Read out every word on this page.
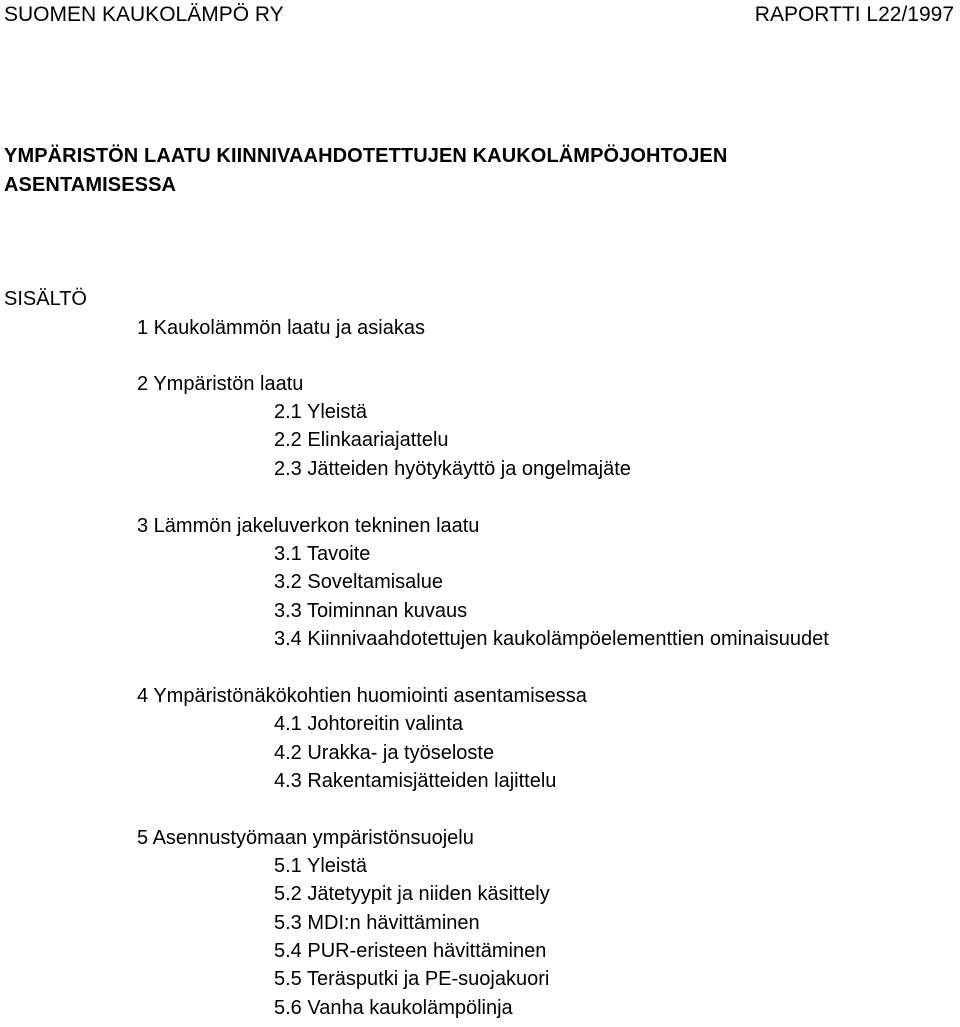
SUOMEN KAUKOLÄMPÖ RY	RAPORTTI L22/1997
YMPÄRISTÖN LAATU KIINNIVAAHDOTETTUJEN KAUKOLÄMPÖJOHTOJEN
ASENTAMISESSA
SISÄLTÖ
1 Kaukolämmön laatu ja asiakas
2 Ympäristön laatu
2.1 Yleistä
2.2 Elinkaariajattelu
2.3 Jätteiden hyötykäyttö ja ongelmajäte
3 Lämmön jakeluverkon tekninen laatu
3.1 Tavoite
3.2 Soveltamisalue
3.3 Toiminnan kuvaus
3.4 Kiinnivaahdotettujen kaukolämpöelementtien ominaisuudet
4 Ympäristönäkökohtien huomiointi asentamisessa
4.1 Johtoreitin valinta
4.2 Urakka- ja työseloste
4.3 Rakentamisjätteiden lajittelu
5 Asennustyömaan ympäristönsuojelu
5.1 Yleistä
5.2 Jätetyypit ja niiden käsittely
5.3 MDI:n hävittäminen
5.4 PUR-eristeen hävittäminen
5.5 Teräsputki ja PE-suojakuori
5.6 Vanha kaukolämpölinja
